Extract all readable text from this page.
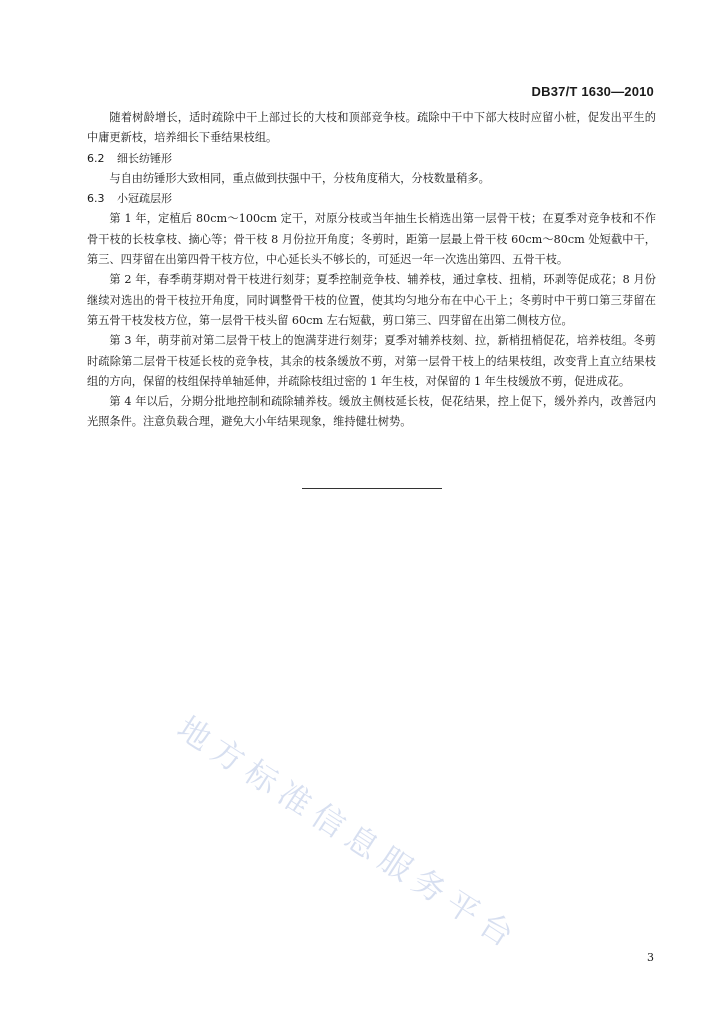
DB37/T 1630—2010

随着树龄增长，适时疏除中干上部过长的大枝和顶部竞争枝。疏除中干中下部大枝时应留小桩，促发出平生的中庸更新枝，培养细长下垂结果枝组。

6.2 细长纺锤形

与自由纺锤形大致相同，重点做到扶强中干，分枝角度稍大，分枝数量稍多。

6.3 小冠疏层形

第 1 年，定植后 80cm～100cm 定干，对原分枝或当年抽生长梢选出第一层骨干枝；在夏季对竞争枝和不作骨干枝的长枝拿枝、摘心等；骨干枝 8 月份拉开角度；冬剪时，距第一层最上骨干枝 60cm～80cm 处短截中干，第三、四芽留在出第四骨干枝方位，中心延长头不够长的，可延迟一年一次选出第四、五骨干枝。

第 2 年，春季萌芽期对骨干枝进行刻芽；夏季控制竞争枝、辅养枝，通过拿枝、扭梢，环剥等促成花；8 月份继续对选出的骨干枝拉开角度，同时调整骨干枝的位置，使其均匀地分布在中心干上；冬剪时中干剪口第三芽留在第五骨干枝发枝方位，第一层骨干枝头留 60cm 左右短截，剪口第三、四芽留在出第二侧枝方位。

第 3 年，萌芽前对第二层骨干枝上的饱满芽进行刻芽；夏季对辅养枝刻、拉，新梢扭梢促花，培养枝组。冬剪时疏除第二层骨干枝延长枝的竞争枝，其余的枝条缓放不剪，对第一层骨干枝上的结果枝组，改变背上直立结果枝组的方向，保留的枝组保持单轴延伸，并疏除枝组过密的 1 年生枝，对保留的 1 年生枝缓放不剪，促进成花。

第 4 年以后，分期分批地控制和疏除辅养枝。缓放主侧枝延长枝，促花结果，控上促下，缓外养内，改善冠内光照条件。注意负载合理，避免大小年结果现象，维持健壮树势。

地方标准信息服务平台	3
